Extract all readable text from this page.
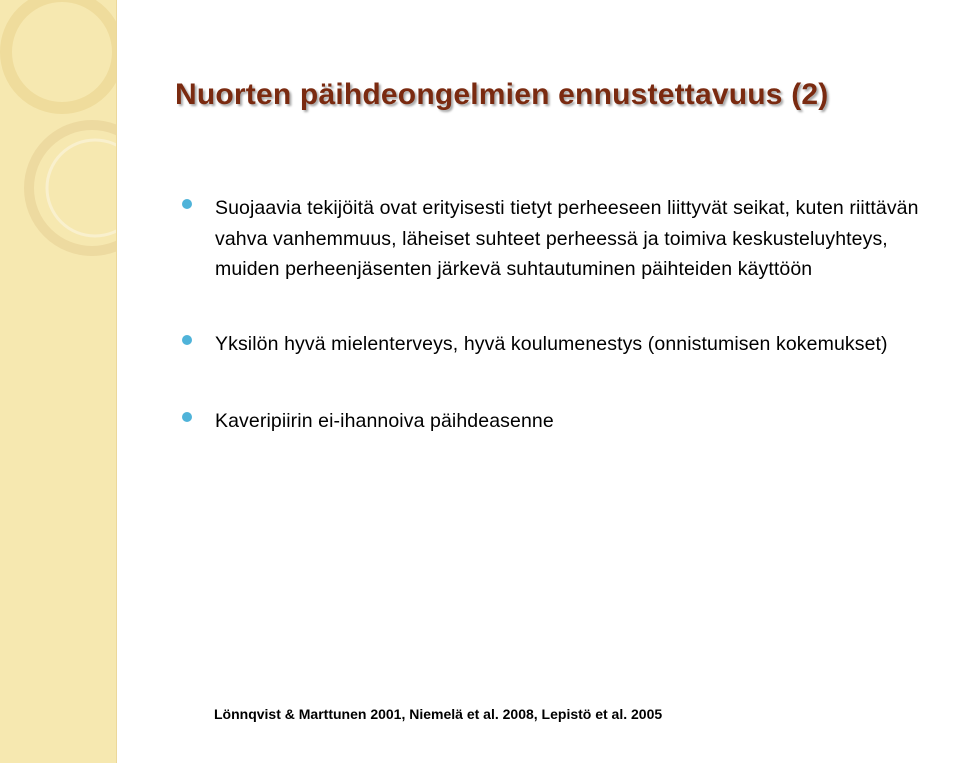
Nuorten päihdeongelmien ennustettavuus (2)
Suojaavia tekijöitä ovat erityisesti tietyt perheeseen liittyvät seikat, kuten riittävän vahva vanhemmuus, läheiset suhteet perheessä ja toimiva keskusteluyhteys, muiden perheenjäsenten järkevä suhtautuminen päihteiden käyttöön
Yksilön hyvä mielenterveys, hyvä koulumenestys (onnistumisen kokemukset)
Kaveripiirin ei-ihannoiva päihdeasenne
Lönnqvist & Marttunen 2001, Niemelä et al. 2008, Lepistö et al. 2005
